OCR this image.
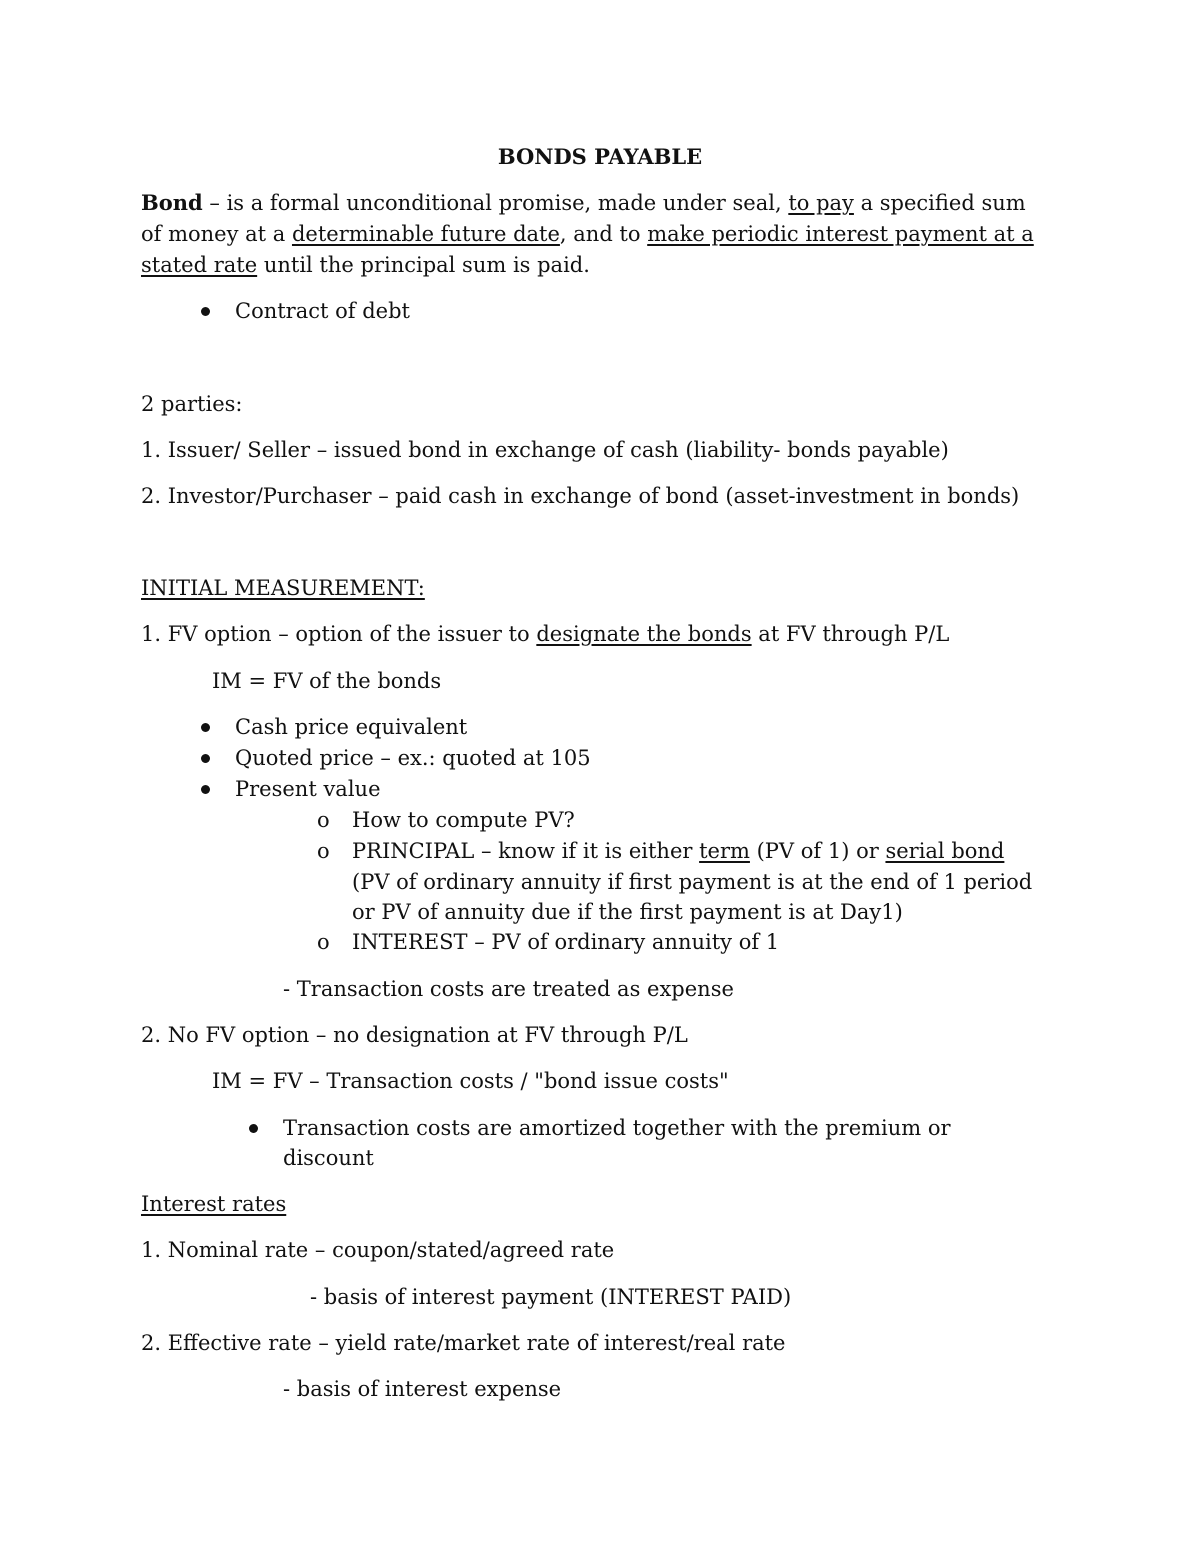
BONDS PAYABLE
Bond – is a formal unconditional promise, made under seal, to pay a specified sum
of money at a determinable future date, and to make periodic interest payment at a
stated rate until the principal sum is paid.
Contract of debt
2 parties:
1. Issuer/ Seller – issued bond in exchange of cash (liability- bonds payable)
2. Investor/Purchaser – paid cash in exchange of bond (asset-investment in bonds)
INITIAL MEASUREMENT:
1. FV option – option of the issuer to designate the bonds at FV through P/L
IM = FV of the bonds
Cash price equivalent
Quoted price – ex.: quoted at 105
Present value
o How to compute PV?
o PRINCIPAL – know if it is either term (PV of 1) or serial bond
(PV of ordinary annuity if first payment is at the end of 1 period
or PV of annuity due if the first payment is at Day1)
o INTEREST – PV of ordinary annuity of 1
- Transaction costs are treated as expense
2. No FV option – no designation at FV through P/L
IM = FV – Transaction costs / "bond issue costs"
Transaction costs are amortized together with the premium or
discount
Interest rates
1. Nominal rate – coupon/stated/agreed rate
- basis of interest payment (INTEREST PAID)
2. Effective rate – yield rate/market rate of interest/real rate
- basis of interest expense
